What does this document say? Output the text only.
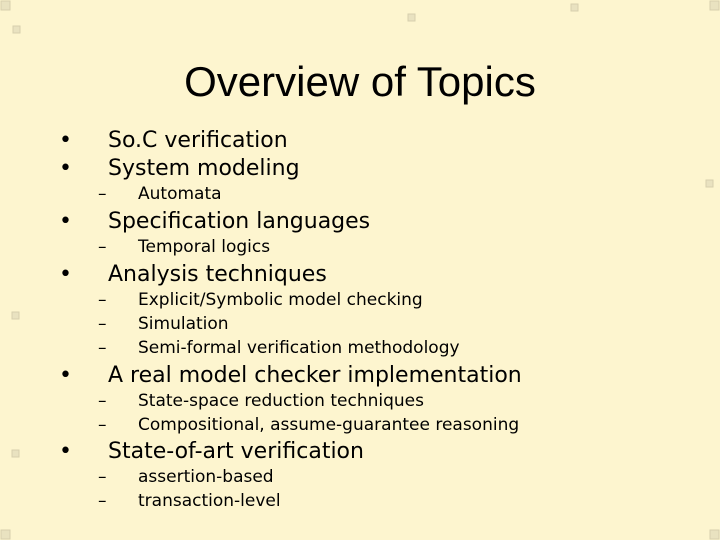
Overview of Topics
• So.C verification
• System modeling
– Automata
• Specification languages
– Temporal logics
• Analysis techniques
– Explicit/Symbolic model checking
– Simulation
– Semi-formal verification methodology
• A real model checker implementation
– State-space reduction techniques
– Compositional, assume-guarantee reasoning
• State-of-art verification
– assertion-based
– transaction-level
